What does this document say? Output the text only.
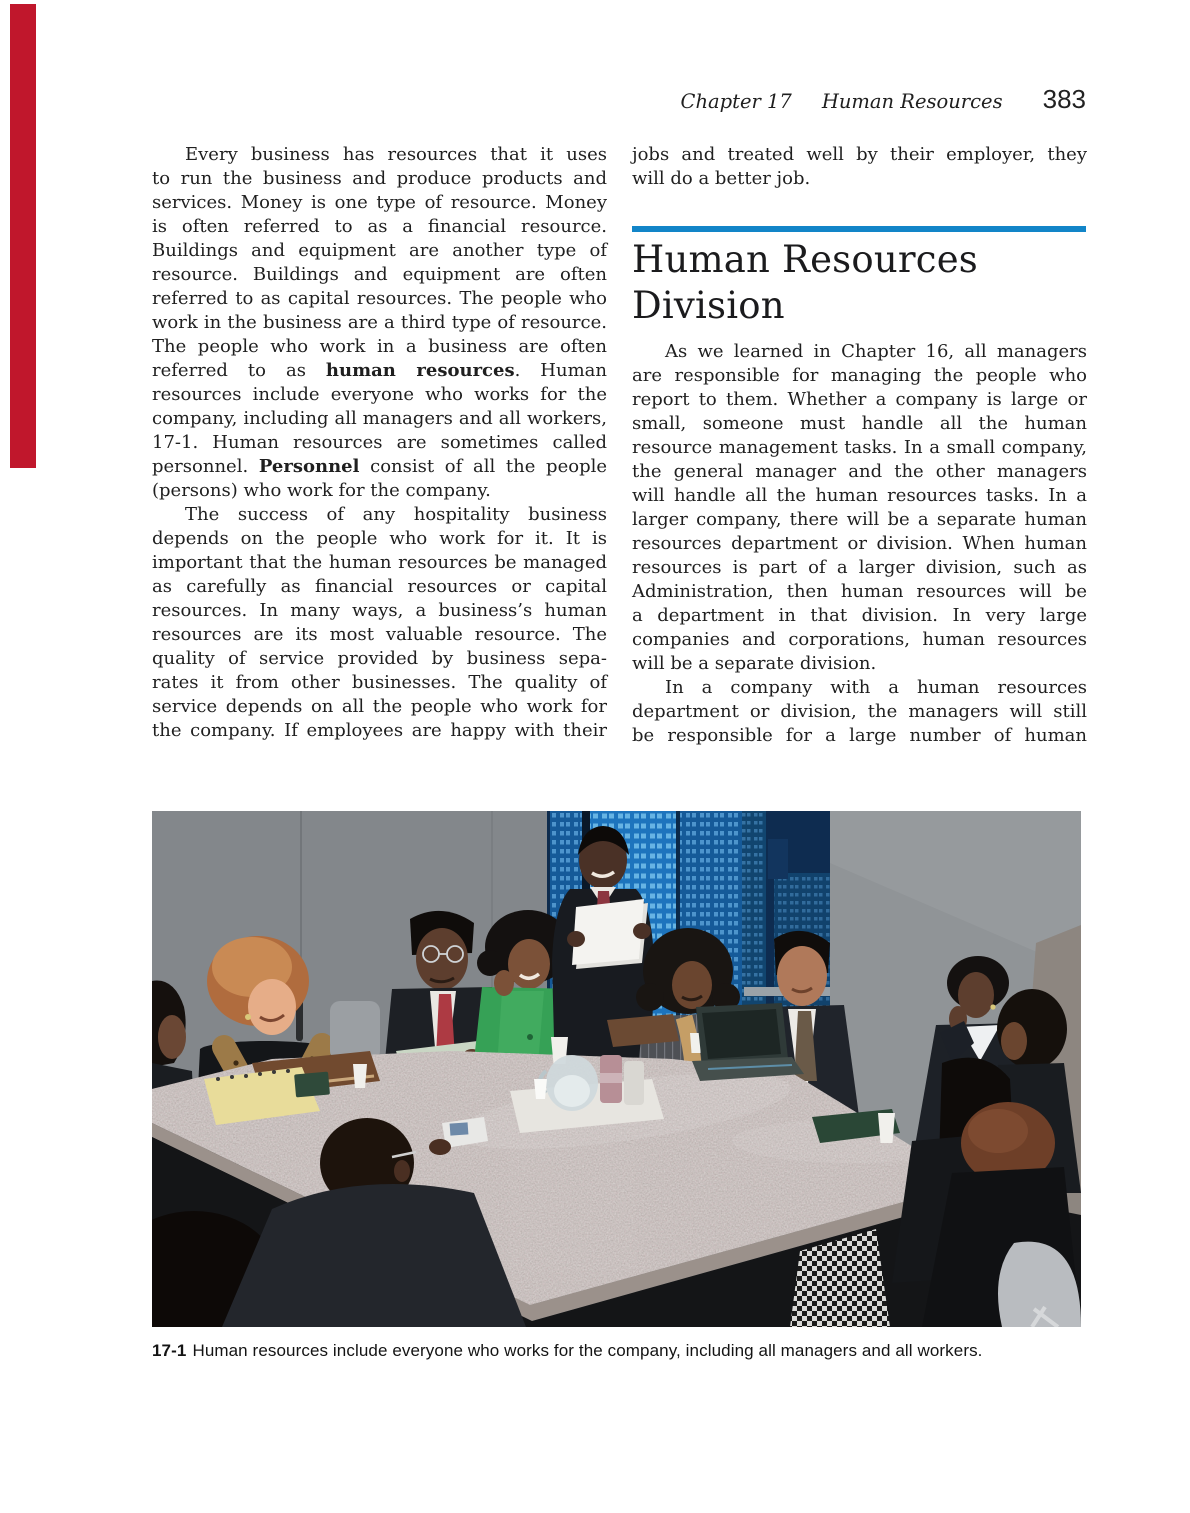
Chapter 17 Human Resources 383
Every business has resources that it uses
to run the business and produce products and
services. Money is one type of resource. Money
is often referred to as a financial resource.
Buildings and equipment are another type of
resource. Buildings and equipment are often
referred to as capital resources. The people who
work in the business are a third type of resource.
The people who work in a business are often
referred to as human resources. Human
resources include everyone who works for the
company, including all managers and all workers,
17-1. Human resources are sometimes called
personnel. Personnel consist of all the people
(persons) who work for the company.
The success of any hospitality business
depends on the people who work for it. It is
important that the human resources be managed
as carefully as financial resources or capital
resources. In many ways, a business’s human
resources are its most valuable resource. The
quality of service provided by business sepa-
rates it from other businesses. The quality of
service depends on all the people who work for
the company. If employees are happy with their
jobs and treated well by their employer, they
will do a better job.
Human Resources
Division
As we learned in Chapter 16, all managers
are responsible for managing the people who
report to them. Whether a company is large or
small, someone must handle all the human
resource management tasks. In a small company,
the general manager and the other managers
will handle all the human resources tasks. In a
larger company, there will be a separate human
resources department or division. When human
resources is part of a larger division, such as
Administration, then human resources will be
a department in that division. In very large
companies and corporations, human resources
will be a separate division.
In a company with a human resources
department or division, the managers will still
be responsible for a large number of human
17-1 Human resources include everyone who works for the company, including all managers and all workers.
